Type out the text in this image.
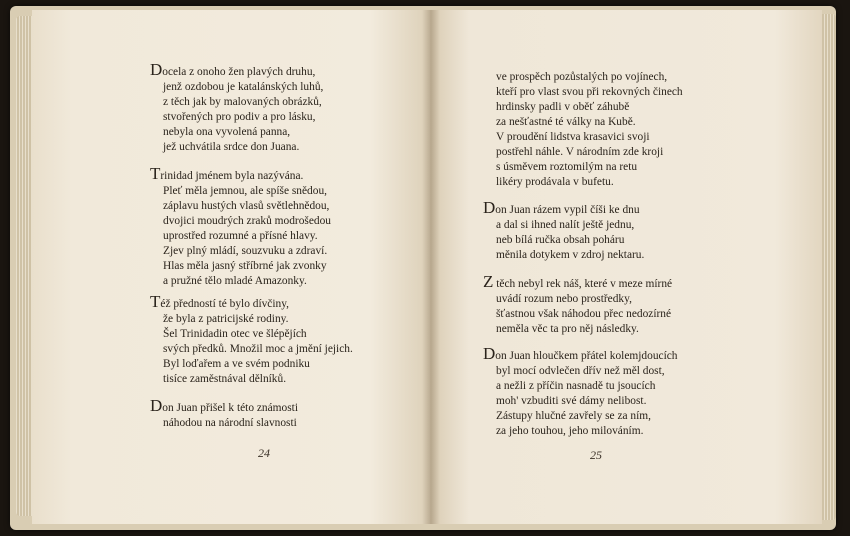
Docela z onoho žen plavých druhu,
jenž ozdobou je katalánských luhů,
z těch jak by malovaných obrázků,
stvořených pro podiv a pro lásku,
nebyla ona vyvolená panna,
jež uchvátila srdce don Juana.
Trinidad jménem byla nazývána.
Pleť měla jemnou, ale spíše snědou,
záplavu hustých vlasů světlehnědou,
dvojici moudrých zraků modrošedou
uprostřed rozumné a přísné hlavy.
Zjev plný mládí, souzvuku a zdraví.
Hlas měla jasný stříbrné jak zvonky
a pružné tělo mladé Amazonky.
Též předností té bylo dívčiny,
že byla z patricijské rodiny.
Šel Trinidadin otec ve šlépějích
svých předků. Množil moc a jmění jejich.
Byl loďařem a ve svém podniku
tisíce zaměstnával dělníků.
Don Juan přišel k této známosti
náhodou na národní slavnosti
24
ve prospěch pozůstalých po vojínech,
kteří pro vlast svou při rekovných činech
hrdinsky padli v oběť záhubě
za nešťastné té války na Kubě.
V proudění lidstva krasavici svoji
postřehl náhle. V národním zde kroji
s úsměvem roztomilým na retu
likéry prodávala v bufetu.
Don Juan rázem vypil číši ke dnu
a dal si ihned nalít ještě jednu,
neb bílá ručka obsah poháru
měnila dotykem v zdroj nektaru.
Z těch nebyl rek náš, které v meze mírné
uvádí rozum nebo prostředky,
šťastnou však náhodou přec nedozírné
neměla věc ta pro něj následky.
Don Juan hloučkem přátel kolemjdoucích
byl mocí odvlečen dřív než měl dost,
a nežli z příčin nasnadě tu jsoucích
moh' vzbuditi své dámy nelibost.
Zástupy hlučné zavřely se za ním,
za jeho touhou, jeho milováním.
25
